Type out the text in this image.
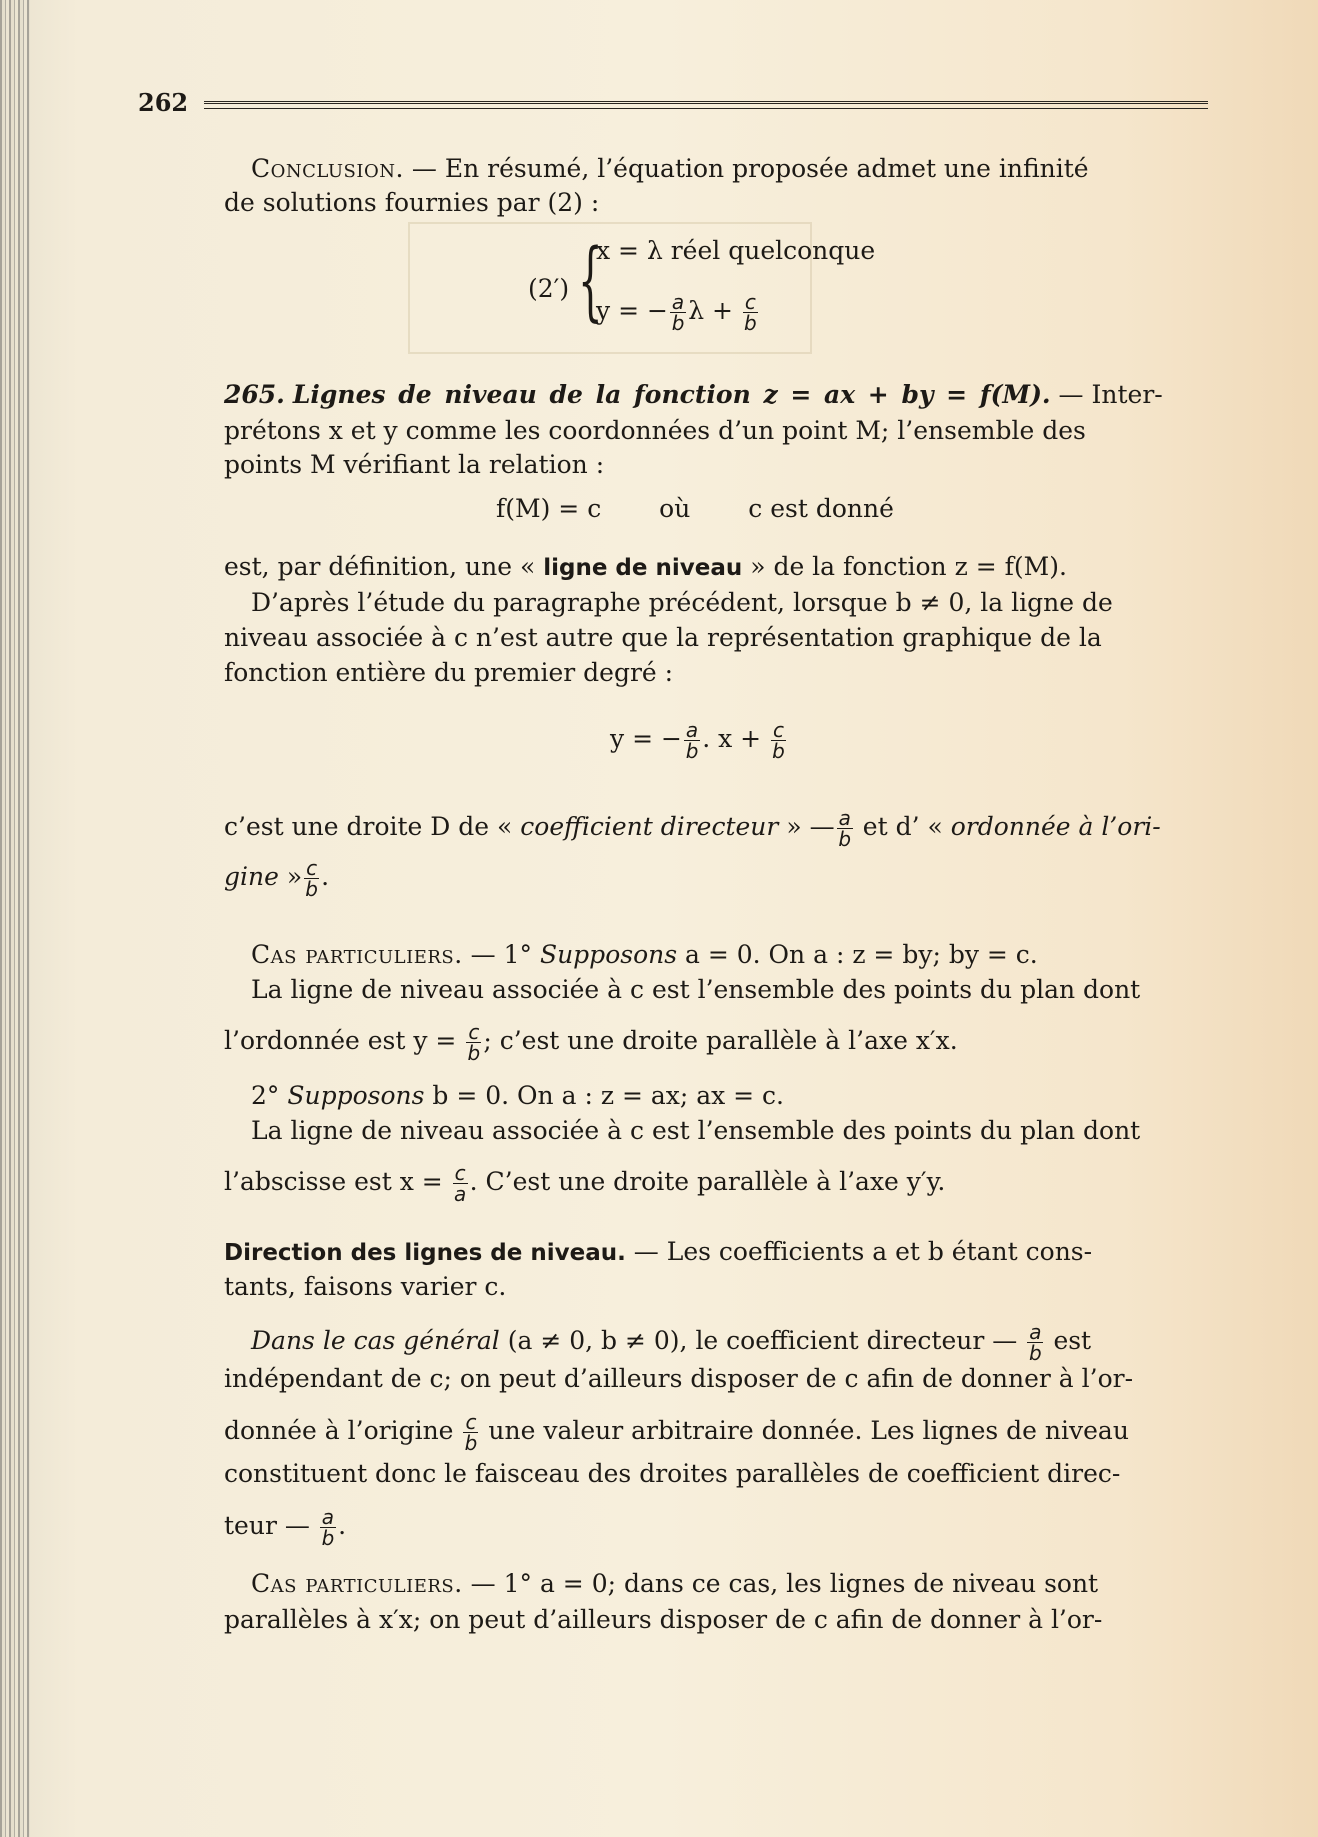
262
Conclusion. — En résumé, l’équation proposée admet une infinité
de solutions fournies par (2) :
(2′) {
x = λ réel quelconque
y = − $\frac{a}{b}$ $\lambda + \frac{c}{b}$
265. Lignes de niveau de la fonction z = ax + by = f(M). — Inter-
prétons x et y comme les coordonnées d’un point M; l’ensemble des
points M vérifiant la relation :
f(M) = c où c est donné
est, par définition, une « ligne de niveau » de la fonction z = f(M).
D’après l’étude du paragraphe précédent, lorsque b ≠ 0, la ligne de
niveau associée à c n’est autre que la représentation graphique de la
fonction entière du premier degré :
y = − $\frac{a}{b}$ . $x + \frac{c}{b}$
c’est une droite D de « coefficient directeur » — $\frac{a}{b}$ et d’ « ordonnée à l’ori-
gine » $\frac{c}{b}$ .
Cas particuliers. — 1° Supposons a = 0. On a : z = by; by = c.
La ligne de niveau associée à c est l’ensemble des points du plan dont
l’ordonnée est $y = \frac{c}{b}$ ; c’est une droite parallèle à l’axe x′x.
2° Supposons b = 0. On a : z = ax; ax = c.
La ligne de niveau associée à c est l’ensemble des points du plan dont
l’abscisse est $x = \frac{c}{a}$ . C’est une droite parallèle à l’axe y′y.
Direction des lignes de niveau. — Les coefficients a et b étant cons-
tants, faisons varier c.
Dans le cas général (a ≠ 0, b ≠ 0), le coefficient directeur — $\frac{a}{b}$ est
indépendant de c; on peut d’ailleurs disposer de c afin de donner à l’or-
donnée à l’origine $\frac{c}{b}$ une valeur arbitraire donnée. Les lignes de niveau
constituent donc le faisceau des droites parallèles de coefficient direc-
teur — $\frac{a}{b}$ .
Cas particuliers. — 1° a = 0; dans ce cas, les lignes de niveau sont
parallèles à x′x; on peut d’ailleurs disposer de c afin de donner à l’or-
